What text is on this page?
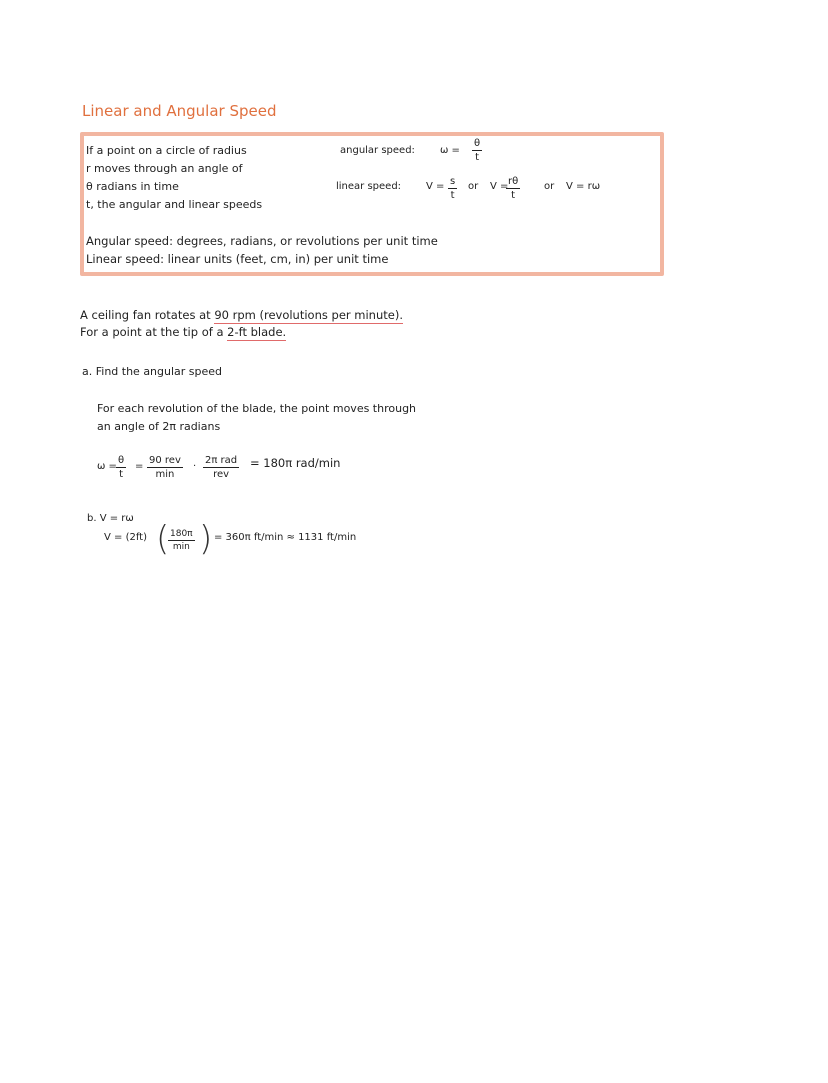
Linear and Angular Speed
If a point on a circle of radius
r moves through an angle of
θ radians in time
t, the angular and linear speeds
angular speed:	$\omega = \frac{\theta}{t}$
linear speed: $V = \frac{s}{t}$ or V =
$\frac{r\theta}{t}$ or V = rω
Angular speed: degrees, radians, or revolutions per unit time
Linear speed: linear units (feet, cm, in) per unit time
A ceiling fan rotates at 90 rpm (revolutions per minute).
For a point at the tip of a 2-ft blade.
a. Find the angular speed
For each revolution of the blade, the point moves through
an angle of 2π radians
$\omega = \frac{\theta}{t}$ =
90 rev
min
·
2π rad
rev
= 180π rad/min
b. V = rω
V = (2ft) ( 180π
min ) = 360π ft/min ≈ 1131 ft/min
